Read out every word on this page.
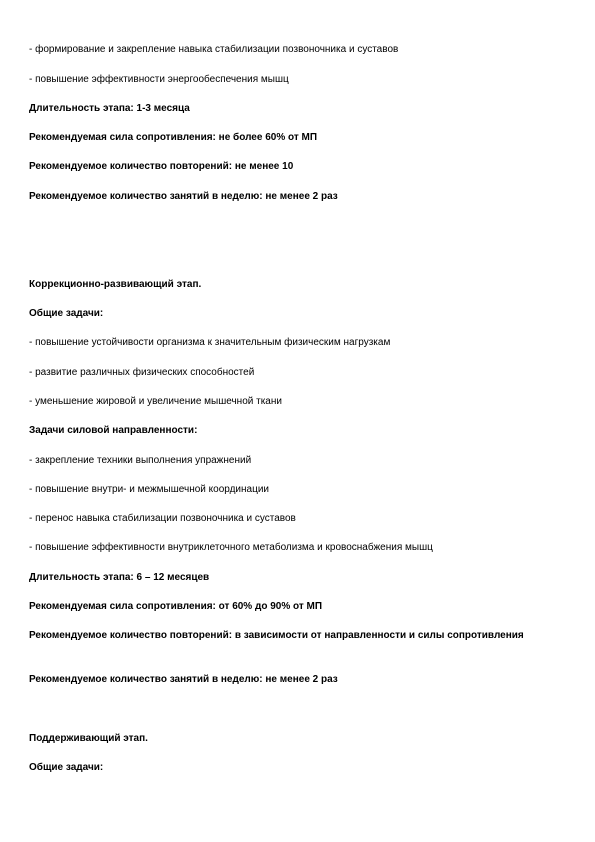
- формирование и закрепление навыка стабилизации позвоночника и суставов
- повышение эффективности энергообеспечения мышц
Длительность этапа: 1-3 месяца
Рекомендуемая сила сопротивления: не более 60% от МП
Рекомендуемое количество повторений: не менее 10
Рекомендуемое количество занятий в неделю: не менее 2 раз
Коррекционно-развивающий этап.
Общие задачи:
- повышение устойчивости организма к значительным физическим нагрузкам
- развитие различных физических способностей
- уменьшение жировой и увеличение мышечной ткани
Задачи силовой направленности:
- закрепление техники выполнения упражнений
- повышение внутри- и межмышечной координации
- перенос навыка стабилизации позвоночника и суставов
- повышение эффективности внутриклеточного метаболизма и кровоснабжения мышц
Длительность этапа: 6 – 12 месяцев
Рекомендуемая сила сопротивления: от 60% до 90% от МП
Рекомендуемое количество повторений: в зависимости от направленности и силы сопротивления
Рекомендуемое количество занятий в неделю: не менее 2 раз
Поддерживающий этап.
Общие задачи:
